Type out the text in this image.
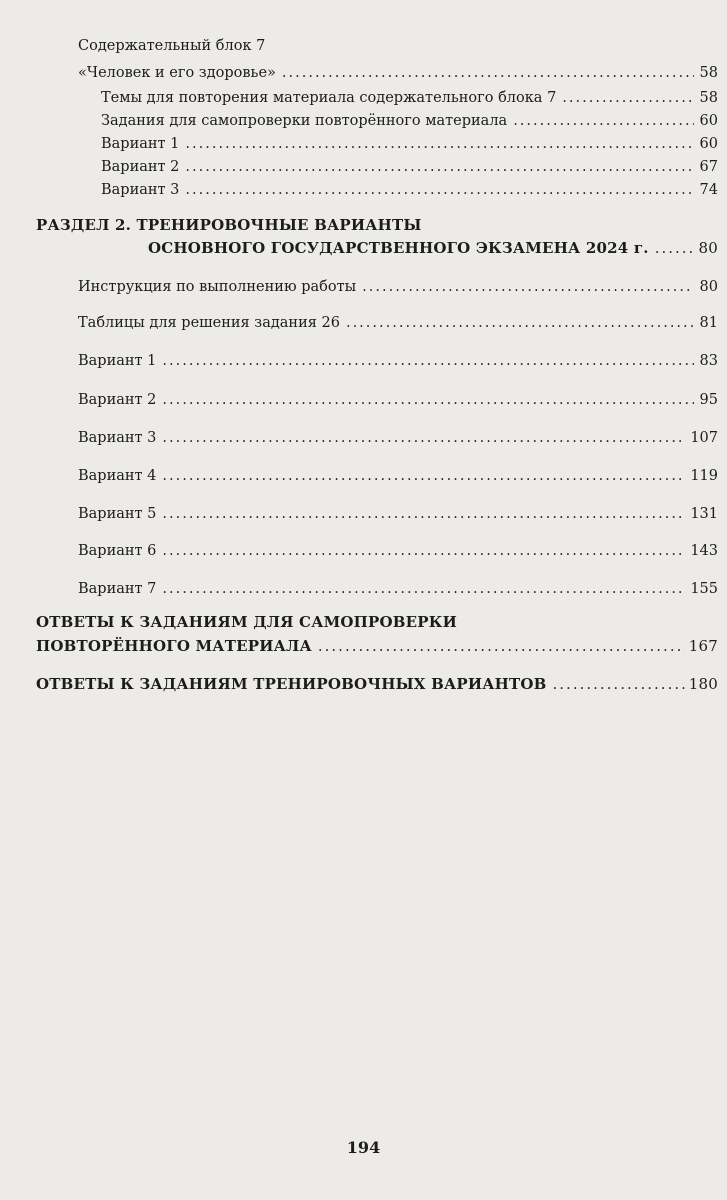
Содержательный блок 7
«Человек и его здоровье» .....	58
Темы для повторения материала содержательного блока 7 .....	58
Задания для самопроверки повторённого материала .....	60
Вариант 1 .....	60
Вариант 2 .....	67
Вариант 3 .....	74
РАЗДЕЛ 2. ТРЕНИРОВОЧНЫЕ ВАРИАНТЫ
ОСНОВНОГО ГОСУДАРСТВЕННОГО ЭКЗАМЕНА 2024 г. .....	80
Инструкция по выполнению работы .....	80
Таблицы для решения задания 26 .....	81
Вариант 1 .....	83
Вариант 2 .....	95
Вариант 3 .....	107
Вариант 4 .....	119
Вариант 5 .....	131
Вариант 6 .....	143
Вариант 7 .....	155
ОТВЕТЫ К ЗАДАНИЯМ ДЛЯ САМОПРОВЕРКИ
ПОВТОРЁННОГО МАТЕРИАЛА .....	167
ОТВЕТЫ К ЗАДАНИЯМ ТРЕНИРОВОЧНЫХ ВАРИАНТОВ .....	180
194
